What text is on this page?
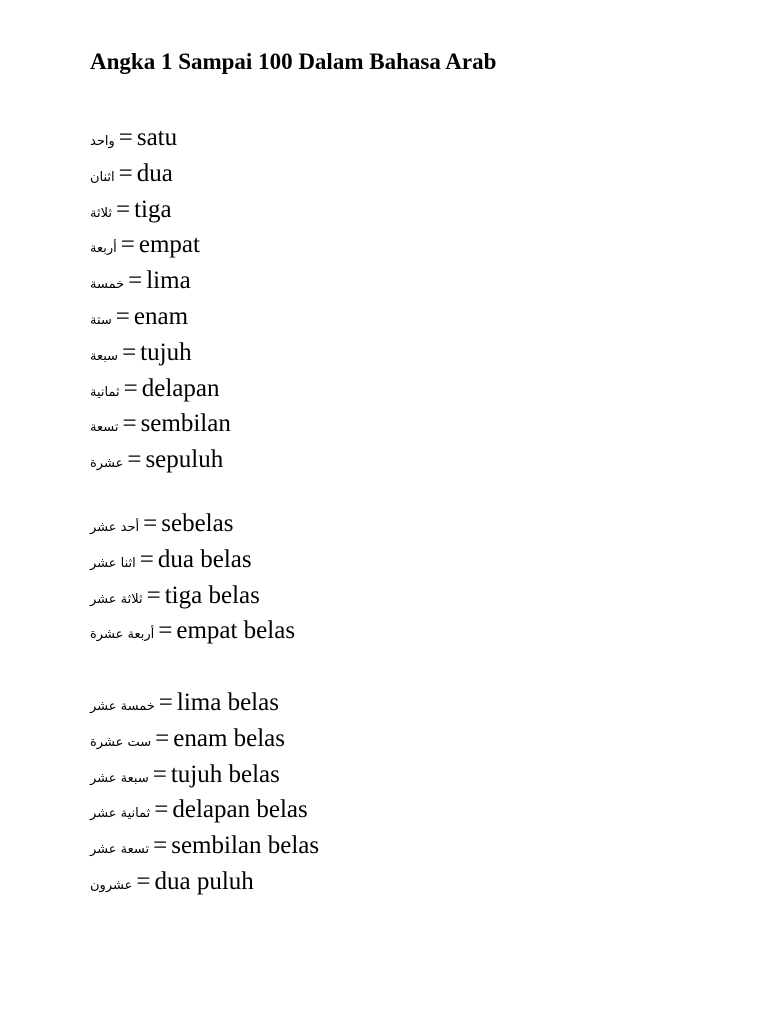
Angka 1 Sampai 100 Dalam Bahasa Arab
واحد = satu
اثنان = dua
ثلاثة = tiga
أربعة = empat
خمسة = lima
ستة = enam
سبعة = tujuh
ثمانية = delapan
تسعة = sembilan
عشرة = sepuluh
أحد عشر = sebelas
اثنا عشر = dua belas
ثلاثة عشر = tiga belas
أربعة عشرة = empat belas
خمسة عشر = lima belas
ست عشرة = enam belas
سبعة عشر = tujuh belas
ثمانية عشر = delapan belas
تسعة عشر = sembilan belas
عشرون = dua puluh
